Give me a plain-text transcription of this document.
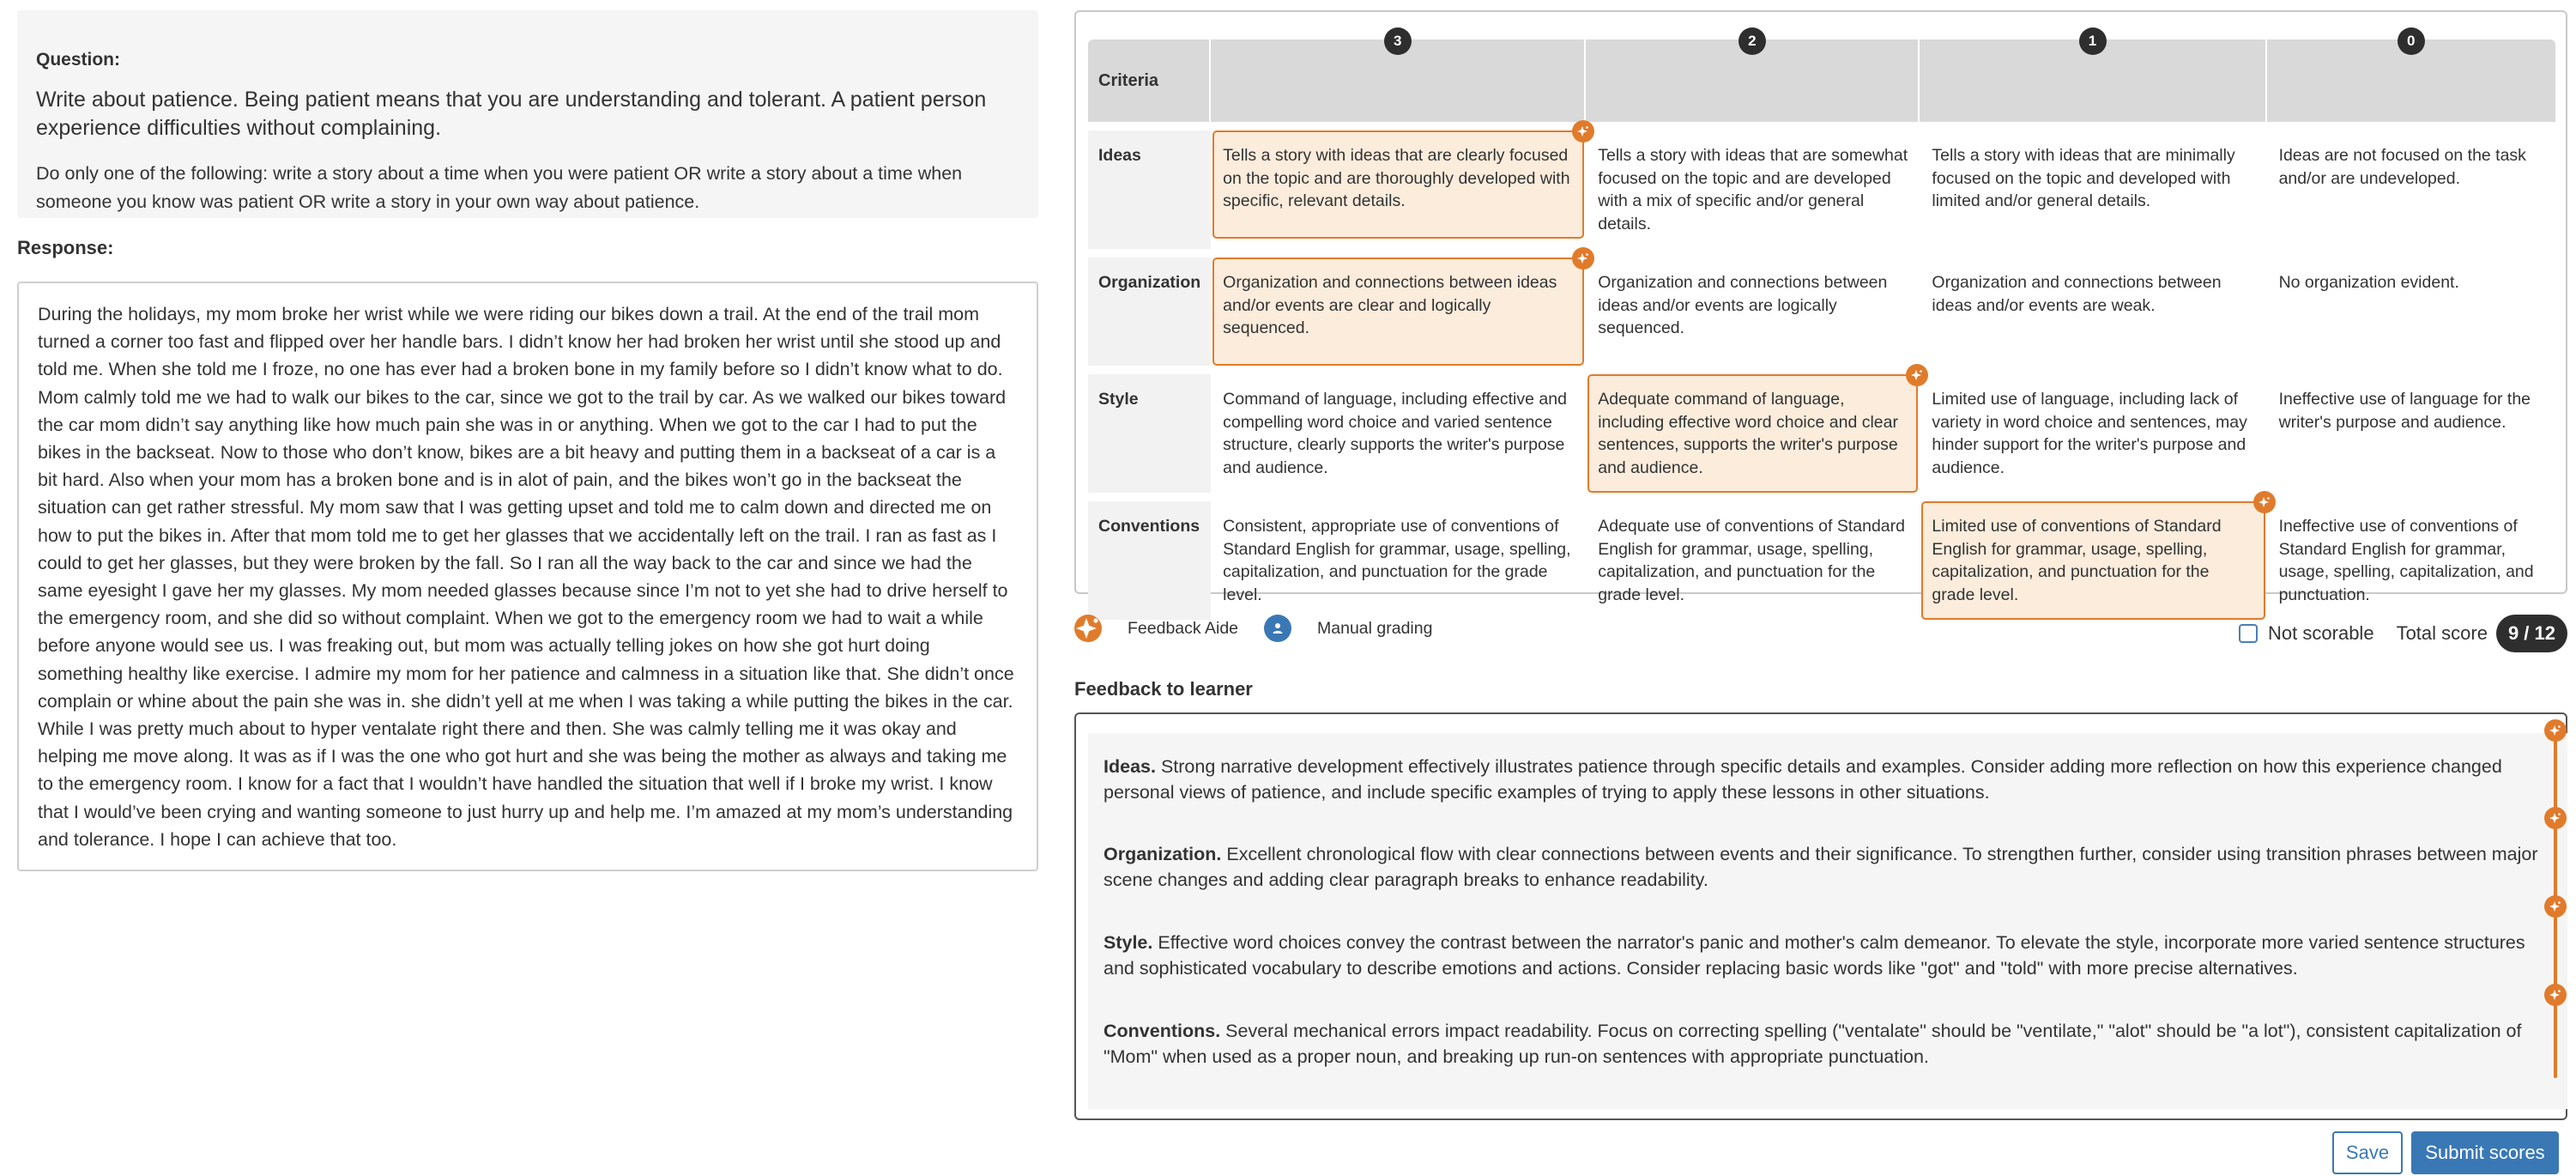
Question:
Write about patience. Being patient means that you are understanding and tolerant. A patient person experience difficulties without complaining.
Do only one of the following: write a story about a time when you were patient OR write a story about a time when someone you know was patient OR write a story in your own way about patience.
Response:
During the holidays, my mom broke her wrist while we were riding our bikes down a trail. At the end of the trail mom turned a corner too fast and flipped over her handle bars. I didn’t know her had broken her wrist until she stood up and told me. When she told me I froze, no one has ever had a broken bone in my family before so I didn’t know what to do. Mom calmly told me we had to walk our bikes to the car, since we got to the trail by car. As we walked our bikes toward the car mom didn’t say anything like how much pain she was in or anything. When we got to the car I had to put the bikes in the backseat. Now to those who don’t know, bikes are a bit heavy and putting them in a backseat of a car is a bit hard. Also when your mom has a broken bone and is in alot of pain, and the bikes won’t go in the backseat the situation can get rather stressful. My mom saw that I was getting upset and told me to calm down and directed me on how to put the bikes in. After that mom told me to get her glasses that we accidentally left on the trail. I ran as fast as I could to get her glasses, but they were broken by the fall. So I ran all the way back to the car and since we had the same eyesight I gave her my glasses. My mom needed glasses because since I’m not to yet she had to drive herself to the emergency room, and she did so without complaint. When we got to the emergency room we had to wait a while before anyone would see us. I was freaking out, but mom was actually telling jokes on how she got hurt doing something healthy like exercise. I admire my mom for her patience and calmness in a situation like that. She didn’t once complain or whine about the pain she was in. she didn’t yell at me when I was taking a while putting the bikes in the car. While I was pretty much about to hyper ventalate right there and then. She was calmly telling me it was okay and helping me move along. It was as if I was the one who got hurt and she was being the mother as always and taking me to the emergency room. I know for a fact that I wouldn’t have handled the situation that well if I broke my wrist. I know that I would’ve been crying and wanting someone to just hurry up and help me. I’m amazed at my mom’s understanding and tolerance. I hope I can achieve that too.
Criteria	3	2	1	0

Ideas	Tells a story with ideas that are clearly focused on the topic and are thoroughly developed with specific, relevant details.	Tells a story with ideas that are somewhat focused on the topic and are developed with a mix of specific and/or general details.	Tells a story with ideas that are minimally focused on the topic and developed with limited and/or general details.	Ideas are not focused on the task and/or are undeveloped.

Organization	Organization and connections between ideas and/or events are clear and logically sequenced.	Organization and connections between ideas and/or events are logically sequenced.	Organization and connections between ideas and/or events are weak.	No organization evident.

Style	Command of language, including effective and compelling word choice and varied sentence structure, clearly supports the writer's purpose and audience.	Adequate command of language, including effective word choice and clear sentences, supports the writer's purpose and audience.	Limited use of language, including lack of variety in word choice and sentences, may hinder support for the writer's purpose and audience.	Ineffective use of language for the writer's purpose and audience.

Conventions	Consistent, appropriate use of conventions of Standard English for grammar, usage, spelling, capitalization, and punctuation for the grade level.	Adequate use of conventions of Standard English for grammar, usage, spelling, capitalization, and punctuation for the grade level.	Limited use of conventions of Standard English for grammar, usage, spelling, capitalization, and punctuation for the grade level.	Ineffective use of conventions of Standard English for grammar, usage, spelling, capitalization, and punctuation.
Feedback Aide	Manual grading	Not scorable Total score	9 / 12
Feedback to learner
Ideas. Strong narrative development effectively illustrates patience through specific details and examples. Consider adding more reflection on how this experience changed personal views of patience, and include specific examples of trying to apply these lessons in other situations.
Organization. Excellent chronological flow with clear connections between events and their significance. To strengthen further, consider using transition phrases between major scene changes and adding clear paragraph breaks to enhance readability.
Style. Effective word choices convey the contrast between the narrator's panic and mother's calm demeanor. To elevate the style, incorporate more varied sentence structures and sophisticated vocabulary to describe emotions and actions. Consider replacing basic words like "got" and "told" with more precise alternatives.
Conventions. Several mechanical errors impact readability. Focus on correcting spelling ("ventalate" should be "ventilate," "alot" should be "a lot"), consistent capitalization of "Mom" when used as a proper noun, and breaking up run-on sentences with appropriate punctuation.
Save	Submit scores
